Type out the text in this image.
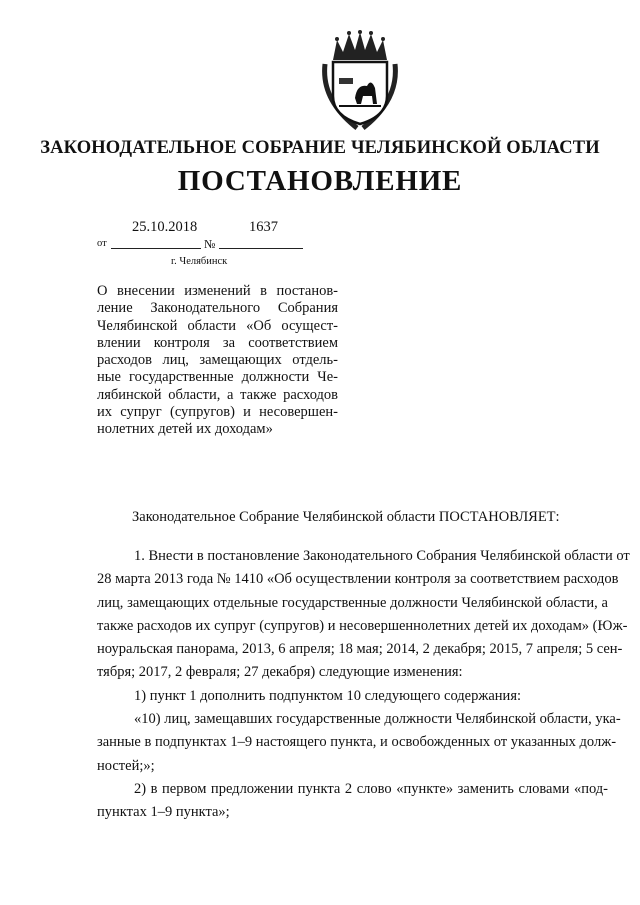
ЗАКОНОДАТЕЛЬНОЕ СОБРАНИЕ ЧЕЛЯБИНСКОЙ ОБЛАСТИ
ПОСТАНОВЛЕНИЕ
25.10.2018	1637
от	№
г. Челябинск
О внесении изменений в постанов-
ление Законодательного Собрания
Челябинской области «Об осущест-
влении контроля за соответствием
расходов лиц, замещающих отдель-
ные государственные должности Че-
лябинской области, а также расходов
их супруг (супругов) и несовершен-
нолетних детей их доходам»
Законодательное Собрание Челябинской области ПОСТАНОВЛЯЕТ:
1. Внести в постановление Законодательного Собрания Челябинской области от
28 марта 2013 года № 1410 «Об осуществлении контроля за соответствием расходов
лиц, замещающих отдельные государственные должности Челябинской области, а
также расходов их супруг (супругов) и несовершеннолетних детей их доходам» (Юж-
ноуральская панорама, 2013, 6 апреля; 18 мая; 2014, 2 декабря; 2015, 7 апреля; 5 сен-
тября; 2017, 2 февраля; 27 декабря) следующие изменения:
1) пункт 1 дополнить подпунктом 10 следующего содержания:
«10) лиц, замещавших государственные должности Челябинской области, ука-
занные в подпунктах 1–9 настоящего пункта, и освобожденных от указанных долж-
ностей;»;
2) в первом предложении пункта 2 слово «пункте» заменить словами «под-
пунктах 1–9 пункта»;
